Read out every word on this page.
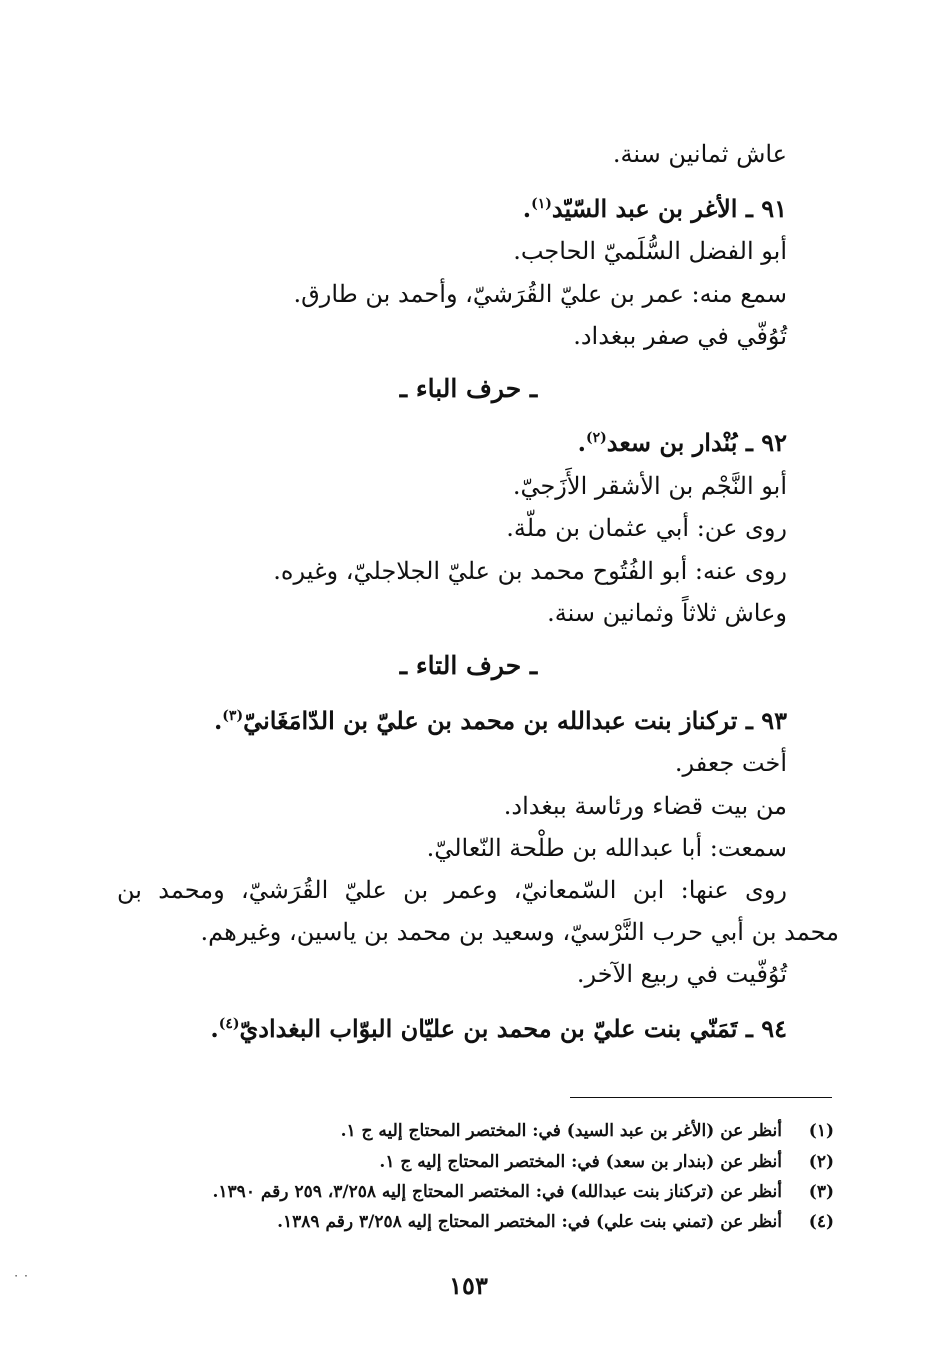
عاش ثمانين سنة.
٩١ ـ الأغر بن عبد السّيّد$^{(١)}$.
أبو الفضل السُّلَميّ الحاجب.
سمع منه: عمر بن عليّ القُرَشيّ، وأحمد بن طارق.
تُوُفّي في صفر ببغداد.
ـ حرف الباء ـ
٩٢ ـ بُنْدار بن سعد$^{(٢)}$.
أبو النَّجْم بن الأشقر الأَزَجيّ.
روى عن: أبي عثمان بن ملّة.
روى عنه: أبو الفُتُوح محمد بن عليّ الجلاجليّ، وغيره.
وعاش ثلاثاً وثمانين سنة.
ـ حرف التاء ـ
٩٣ ـ تركناز بنت عبدالله بن محمد بن عليّ بن الدّامَغَانيّ$^{(٣)}$.
أخت جعفر.
من بيت قضاء ورئاسة ببغداد.
سمعت: أبا عبدالله بن طلْحة النّعاليّ.
روى عنها: ابن السّمعانيّ، وعمر بن عليّ القُرَشيّ، ومحمد بن
محمد بن أبي حرب النَّرْسيّ، وسعيد بن محمد بن ياسين، وغيرهم.
تُوُفّيت في ربيع الآخر.
٩٤ ـ تَمَنّي بنت عليّ بن محمد بن عليّان البوّاب البغداديّ$^{(٤)}$.
(١)أنظر عن (الأغر بن عبد السيد) في: المختصر المحتاج إليه ج ١.
(٢)أنظر عن (بندار بن سعد) في: المختصر المحتاج إليه ج ١.
(٣)أنظر عن (تركناز بنت عبدالله) في: المختصر المحتاج إليه ٣/٢٥٨، ٢٥٩ رقم ١٣٩٠.
(٤)أنظر عن (تمني بنت علي) في: المختصر المحتاج إليه ٣/٢٥٨ رقم ١٣٨٩.
⋅ ⋅	١٥٣
